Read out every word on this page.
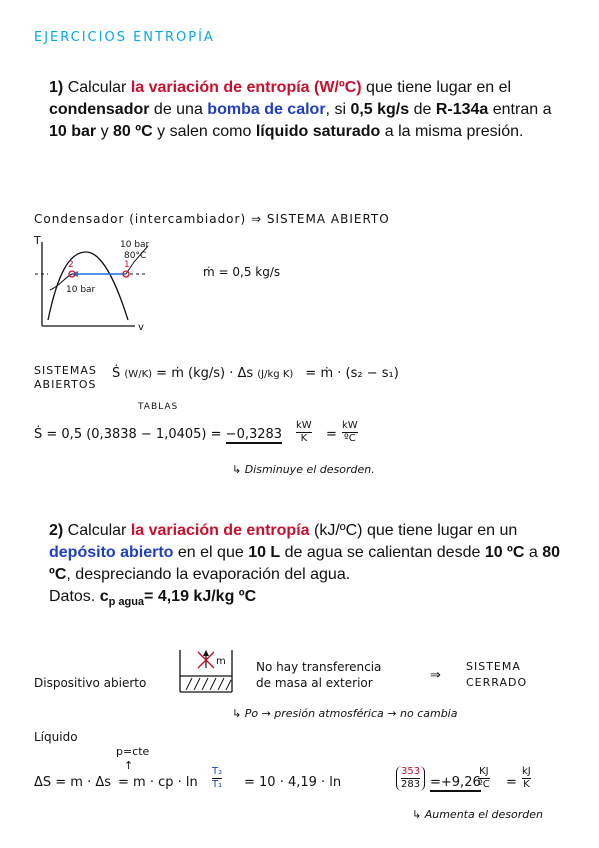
EJERCICIOS ENTROPÍA
1) Calcular la variación de entropía (W/ºC) que tiene lugar en el condensador de una bomba de calor, si 0,5 kg/s de R-134a entran a 10 bar y 80 ºC y salen como líquido saturado a la misma presión.
Condensador (intercambiador) ⇒ SISTEMA ABIERTO
T
v
2	1
10 bar
80°C
10 bar
ṁ = 0,5 kg/s
SISTEMAS
ABIERTOS
Ṡ (W/K) = ṁ (kg/s) · Δs (J/kg K) = ṁ · (s₂ − s₁)
TABLAS
Ṡ = 0,5 $(0,3838 - 1,0405) = -0,3283 \frac{kW}{K} = \frac{kW}{\text{ºC}}$
↳ Disminuye el desorden.
2) Calcular la variación de entropía (kJ/ºC) que tiene lugar en un depósito abierto en el que 10 L de agua se calientan desde 10 ºC a 80 ºC, despreciando la evaporación del agua.
Datos. $c_{p agua}= 4,19$ kJ/kg ºC
Dispositivo abierto
m	No hay transferencia
de masa al exterior	⇒
SISTEMA
CERRADO
↳ Po → presión atmosférica → no cambia
Líquido
p=cte
↑
ΔS = m · Δs = m · cp · $\ln \frac{\text{T₂}}{\text{T₁}} = 10 \cdot 4,19 \cdot \ln$	$\frac{353}{283} =+9,26$
$\frac{KJ}{\text{ºC}} = \frac{kJ}{K}$
↳ Aumenta el desorden
